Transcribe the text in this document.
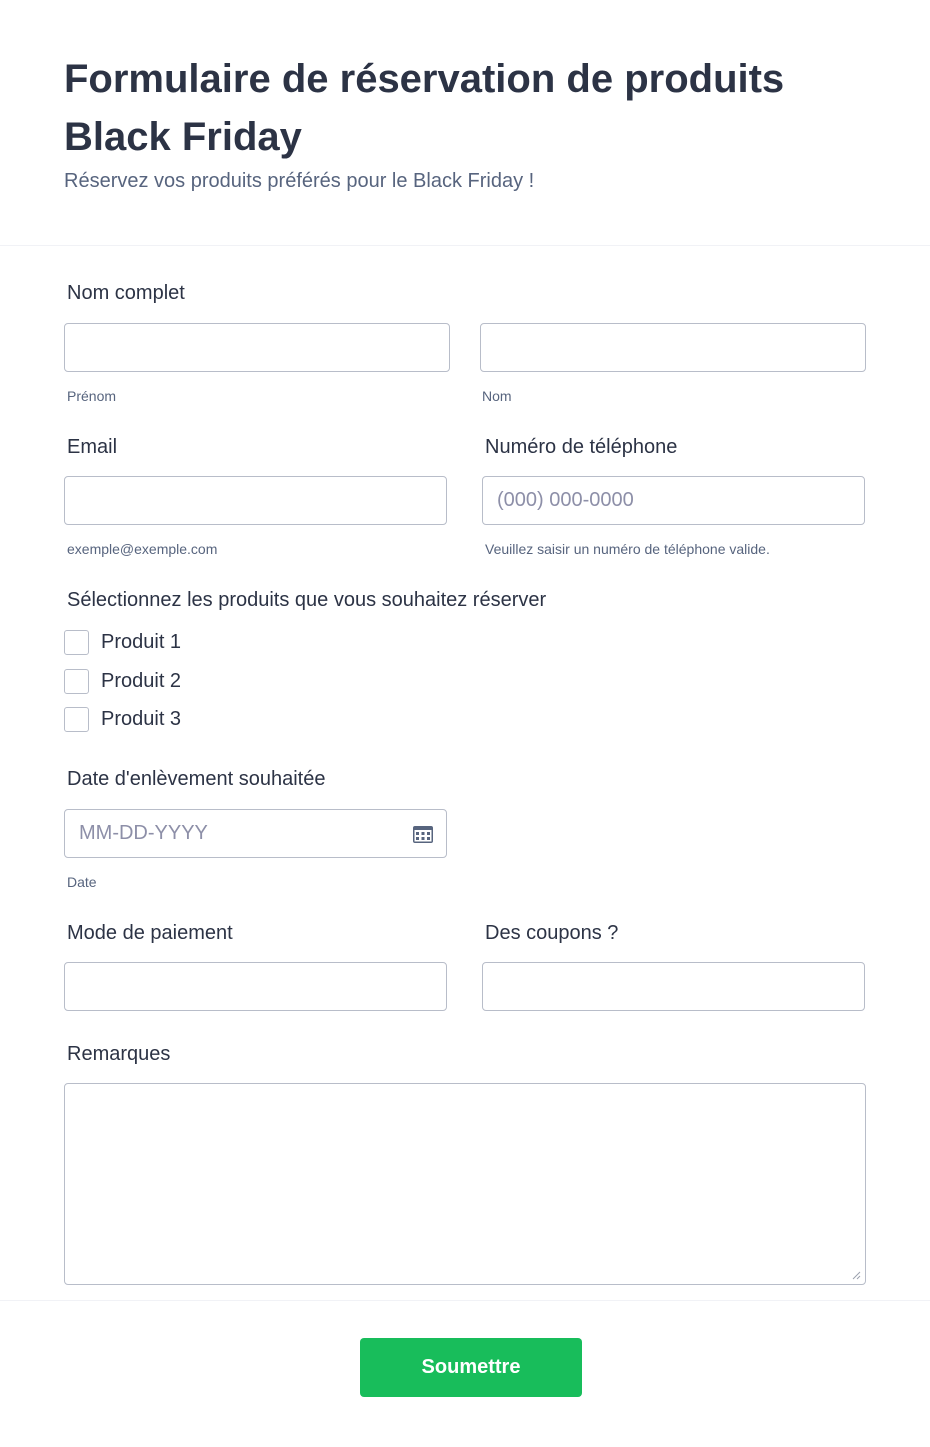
Formulaire de réservation de produits Black Friday
Réservez vos produits préférés pour le Black Friday !
Nom complet
Prénom	Nom
Email
exemple@exemple.com
Numéro de téléphone
(000) 000-0000
Veuillez saisir un numéro de téléphone valide.
Sélectionnez les produits que vous souhaitez réserver
Produit 1
Produit 2
Produit 3
Date d'enlèvement souhaitée
MM-DD-YYYY
Date
Mode de paiement	Des coupons ?
Remarques
Soumettre
